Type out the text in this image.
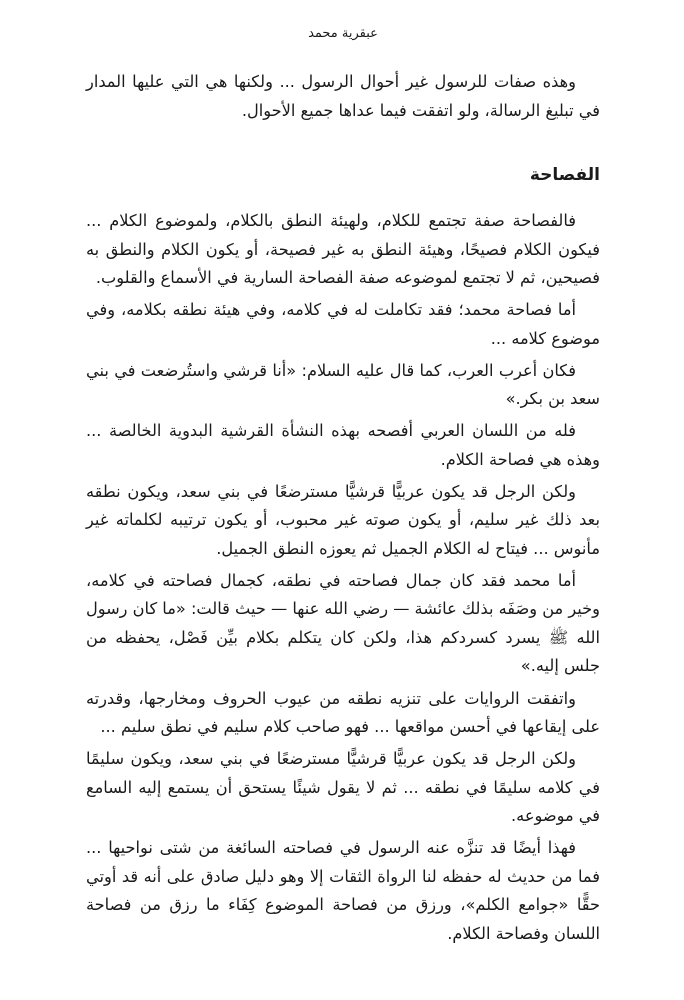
عبقرية محمد

وهذه صفات للرسول غير أحوال الرسول ... ولكنها هي التي عليها المدار في تبليغ الرسالة، ولو اتفقت فيما عداها جميع الأحوال.

الفصاحة

فالفصاحة صفة تجتمع للكلام، ولهيئة النطق بالكلام، ولموضوع الكلام ... فيكون الكلام فصيحًا، وهيئة النطق به غير فصيحة، أو يكون الكلام والنطق به فصيحين، ثم لا تجتمع لموضوعه صفة الفصاحة السارية في الأسماع والقلوب.

أما فصاحة محمد؛ فقد تكاملت له في كلامه، وفي هيئة نطقه بكلامه، وفي موضوع كلامه ...

فكان أعرب العرب، كما قال عليه السلام: «أنا قرشي واستُرضعت في بني سعد بن بكر.»

فله من اللسان العربي أفصحه بهذه النشأة القرشية البدوية الخالصة ... وهذه هي فصاحة الكلام.

ولكن الرجل قد يكون عربيًّا قرشيًّا مسترضعًا في بني سعد، ويكون نطقه بعد ذلك غير سليم، أو يكون صوته غير محبوب، أو يكون ترتيبه لكلماته غير مأنوس ... فيتاح له الكلام الجميل ثم يعوزه النطق الجميل.

أما محمد فقد كان جمال فصاحته في نطقه، كجمال فصاحته في كلامه، وخير من وصَفَه بذلك عائشة — رضي الله عنها — حيث قالت: «ما كان رسول الله ﷺ يسرد كسردكم هذا، ولكن كان يتكلم بكلام بيِّن فَصْل، يحفظه من جلس إليه.»

واتفقت الروايات على تنزيه نطقه من عيوب الحروف ومخارجها، وقدرته على إيقاعها في أحسن مواقعها ... فهو صاحب كلام سليم في نطق سليم ...

ولكن الرجل قد يكون عربيًّا قرشيًّا مسترضعًا في بني سعد، ويكون سليمًا في كلامه سليمًا في نطقه ... ثم لا يقول شيئًا يستحق أن يستمع إليه السامع في موضوعه.

فهذا أيضًا قد تنزَّه عنه الرسول في فصاحته السائغة من شتى نواحيها ... فما من حديث له حفظه لنا الرواة الثقات إلا وهو دليل صادق على أنه قد أوتي حقًّا «جوامع الكلم»، ورزق من فصاحة الموضوع كِفَاء ما رزق من فصاحة اللسان وفصاحة الكلام.
